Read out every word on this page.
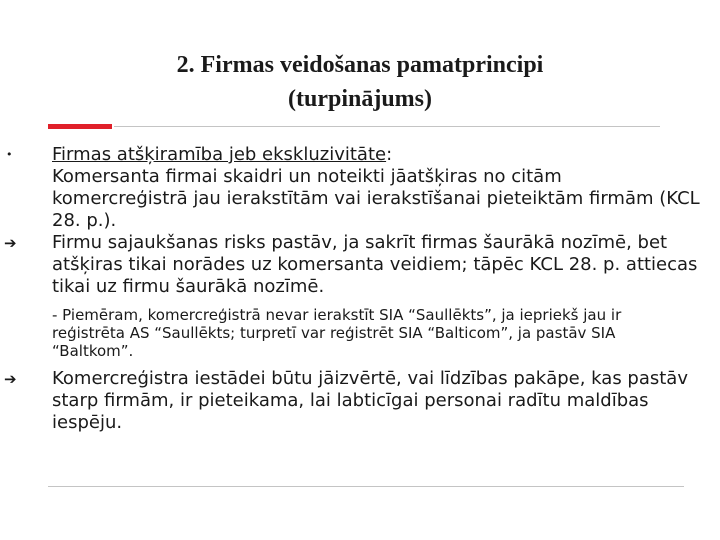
2. Firmas veidošanas pamatprincipi
(turpinājums)
•	Firmas atšķiramība jeb ekskluzivitāte:
Komersanta firmai skaidri un noteikti jāatšķiras no citām komercreģistrā jau ierakstītām vai ierakstīšanai pieteiktām firmām (KCL 28. p.).
➔	Firmu sajaukšanas risks pastāv, ja sakrīt firmas šaurākā nozīmē, bet atšķiras tikai norādes uz komersanta veidiem; tāpēc KCL 28. p. attiecas tikai uz firmu šaurākā nozīmē.
- Piemēram, komercreģistrā nevar ierakstīt SIA “Saullēkts”, ja iepriekš jau ir reģistrēta AS “Saullēkts; turpretī var reģistrēt SIA “Balticom”, ja pastāv SIA “Baltkom”.
➔	Komercreģistra iestādei būtu jāizvērtē, vai līdzības pakāpe, kas pastāv starp firmām, ir pieteikama, lai labticīgai personai radītu maldības iespēju.
